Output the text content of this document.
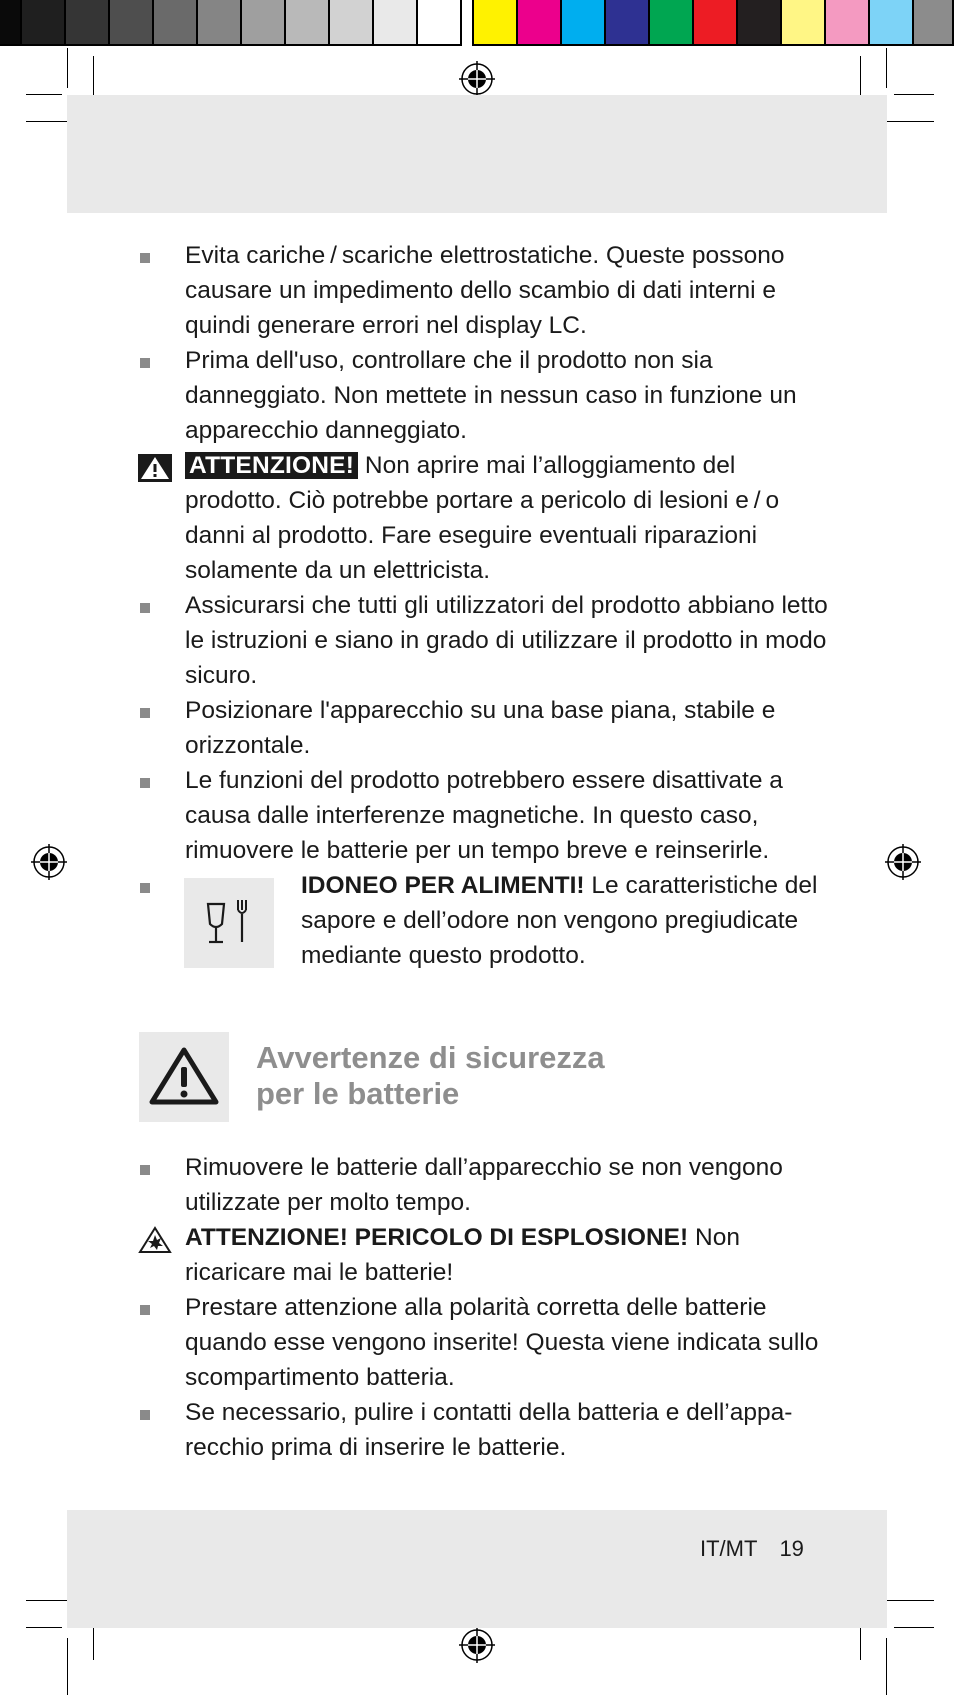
Evita cariche / scariche elettrostatiche. Queste possono causare un impedimento dello scambio di dati interni e quindi generare errori nel display LC.
Prima dell'uso, controllare che il prodotto non sia danneggiato. Non mettete in nessun caso in funzione un apparecchio danneggiato.
ATTENZIONE! Non aprire mai l’alloggiamento del prodotto. Ciò potrebbe portare a pericolo di lesioni e / o danni al prodotto. Fare eseguire eventuali riparazioni solamente da un elettricista.
Assicurarsi che tutti gli utilizzatori del prodotto abbiano letto le istruzioni e siano in grado di utilizzare il prodotto in modo sicuro.
Posizionare l'apparecchio su una base piana, stabile e orizzontale.
Le funzioni del prodotto potrebbero essere disattivate a causa dalle interferenze magnetiche. In questo caso, rimuovere le batterie per un tempo breve e reinserirle.
IDONEO PER ALIMENTI! Le caratteristiche del sapore e dell’odore non vengono pregiudicate mediante questo prodotto.
Avvertenze di sicurezza
per le batterie
Rimuovere le batterie dall’apparecchio se non vengono utilizzate per molto tempo.
ATTENZIONE! PERICOLO DI ESPLOSIONE! Non ricaricare mai le batterie!
Prestare attenzione alla polarità corretta delle batterie quando esse vengono inserite! Questa viene indicata sullo scompartimento batteria.
Se necessario, pulire i contatti della batteria e dell’appa-recchio prima di inserire le batterie.
IT/MT 19
